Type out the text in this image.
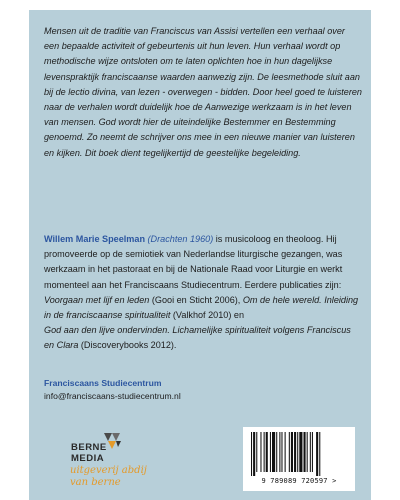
Mensen uit de traditie van Franciscus van Assisi vertellen een verhaal over een bepaalde activiteit of gebeurtenis uit hun leven. Hun verhaal wordt op methodische wijze ontsloten om te laten oplichten hoe in hun dagelijkse levenspraktijk franciscaanse waarden aanwezig zijn. De leesmethode sluit aan bij de lectio divina, van lezen - overwegen - bidden. Door heel goed te luisteren naar de verhalen wordt duidelijk hoe de Aanwezige werkzaam is in het leven van mensen. God wordt hier de uiteindelijke Bestemmer en Bestemming genoemd. Zo neemt de schrijver ons mee in een nieuwe manier van luisteren en kijken. Dit boek dient tegelijkertijd de geestelijke begeleiding.
Willem Marie Speelman (Drachten 1960) is musicoloog en theoloog. Hij promoveerde op de semiotiek van Nederlandse liturgische gezangen, was werkzaam in het pastoraat en bij de Nationale Raad voor Liturgie en werkt momenteel aan het Franciscaans Studiecentrum. Eerdere publicaties zijn:
Voorgaan met lijf en leden (Gooi en Sticht 2006), Om de hele wereld. Inleiding in de franciscaanse spiritualiteit (Valkhof 2010) en
God aan den lijve ondervinden. Lichamelijke spiritualiteit volgens Franciscus en Clara (Discoverybooks 2012).
Franciscaans Studiecentrum
info@franciscaans-studiecentrum.nl
BERNE
MEDIA
uitgeverij abdij
van berne	9 789089 720597 >
